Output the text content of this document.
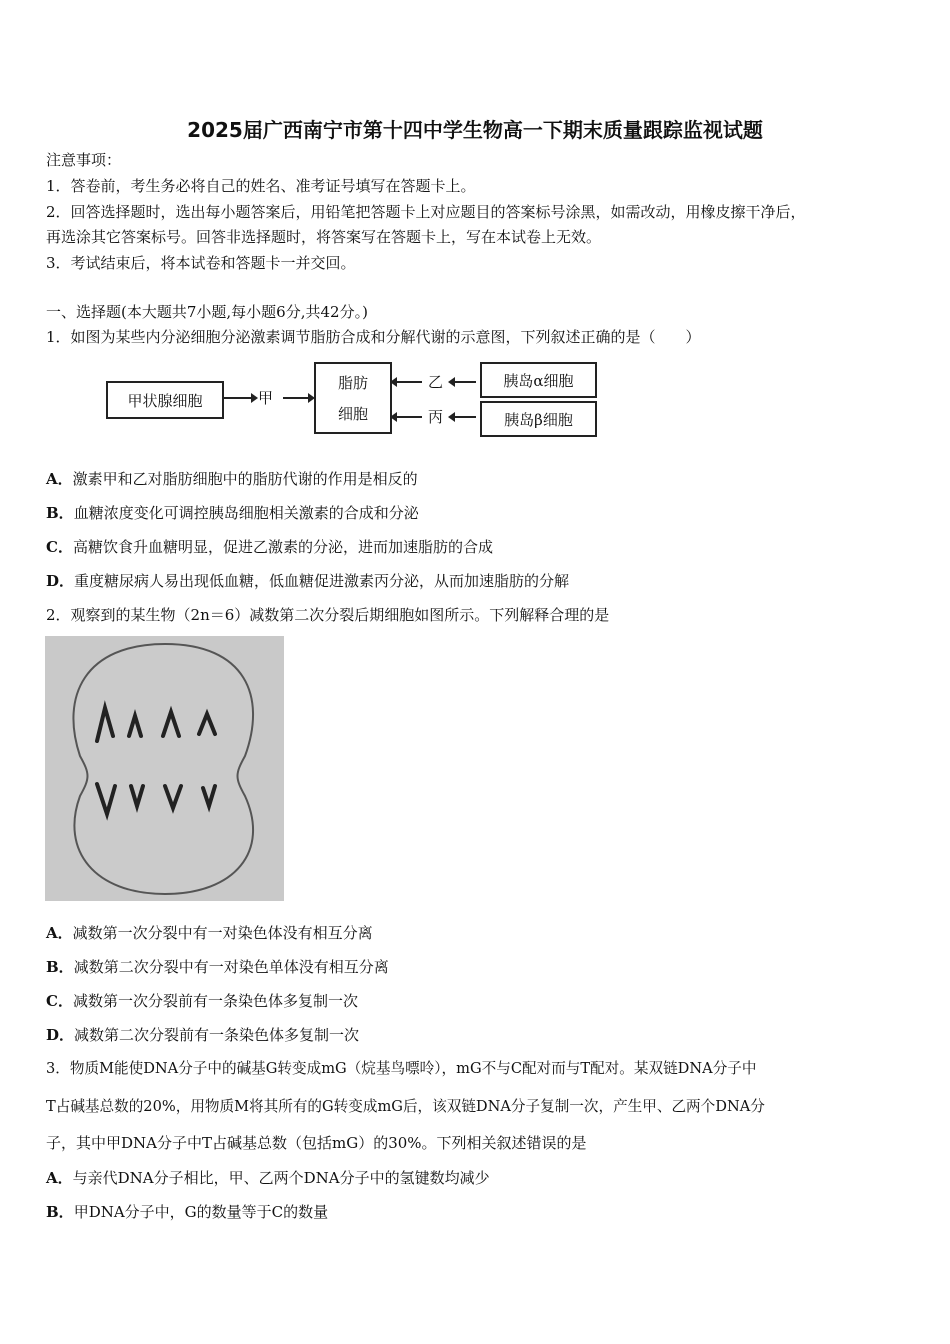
2025届广西南宁市第十四中学生物高一下期末质量跟踪监视试题
注意事项：
1．答卷前，考生务必将自己的姓名、准考证号填写在答题卡上。
2．回答选择题时，选出每小题答案后，用铅笔把答题卡上对应题目的答案标号涂黑，如需改动，用橡皮擦干净后，
再选涂其它答案标号。回答非选择题时，将答案写在答题卡上，写在本试卷上无效。
3．考试结束后，将本试卷和答题卡一并交回。
一、选择题(本大题共7小题,每小题6分,共42分。)
1．如图为某些内分泌细胞分泌激素调节脂肪合成和分解代谢的示意图，下列叙述正确的是（　　）
甲状腺细胞	甲
脂肪
细胞
乙
丙
胰岛α细胞
胰岛β细胞
A．激素甲和乙对脂肪细胞中的脂肪代谢的作用是相反的
B．血糖浓度变化可调控胰岛细胞相关激素的合成和分泌
C．高糖饮食升血糖明显，促进乙激素的分泌，进而加速脂肪的合成
D．重度糖尿病人易出现低血糖，低血糖促进激素丙分泌，从而加速脂肪的分解
2．观察到的某生物（2n＝6）减数第二次分裂后期细胞如图所示。下列解释合理的是
A．减数第一次分裂中有一对染色体没有相互分离
B．减数第二次分裂中有一对染色单体没有相互分离
C．减数第一次分裂前有一条染色体多复制一次
D．减数第二次分裂前有一条染色体多复制一次
3．物质M能使DNA分子中的碱基G转变成mG（烷基鸟嘌呤），mG不与C配对而与T配对。某双链DNA分子中
T占碱基总数的20%，用物质M将其所有的G转变成mG后，该双链DNA分子复制一次，产生甲、乙两个DNA分
子，其中甲DNA分子中T占碱基总数（包括mG）的30%。下列相关叙述错误的是
A．与亲代DNA分子相比，甲、乙两个DNA分子中的氢键数均减少
B．甲DNA分子中，G的数量等于C的数量
